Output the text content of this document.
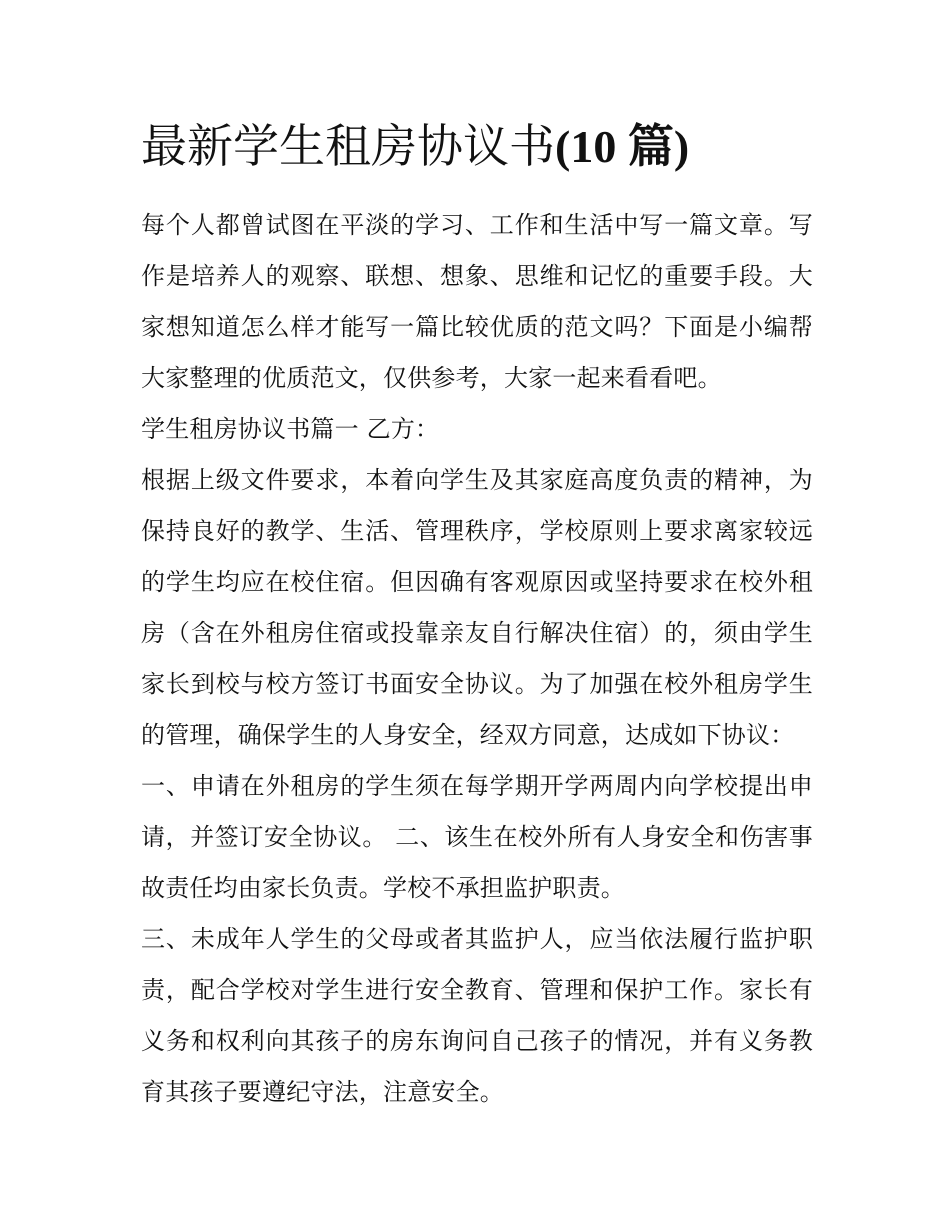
最新学生租房协议书(10 篇)

每个人都曾试图在平淡的学习、工作和生活中写一篇文章。写作是培养人的观察、联想、想象、思维和记忆的重要手段。大家想知道怎么样才能写一篇比较优质的范文吗？下面是小编帮大家整理的优质范文，仅供参考，大家一起来看看吧。

学生租房协议书篇一 乙方：

根据上级文件要求，本着向学生及其家庭高度负责的精神，为保持良好的教学、生活、管理秩序，学校原则上要求离家较远的学生均应在校住宿。但因确有客观原因或坚持要求在校外租房（含在外租房住宿或投靠亲友自行解决住宿）的，须由学生家长到校与校方签订书面安全协议。为了加强在校外租房学生的管理，确保学生的人身安全，经双方同意，达成如下协议：

一、申请在外租房的学生须在每学期开学两周内向学校提出申请，并签订安全协议。 二、该生在校外所有人身安全和伤害事故责任均由家长负责。学校不承担监护职责。

三、未成年人学生的父母或者其监护人，应当依法履行监护职责，配合学校对学生进行安全教育、管理和保护工作。家长有义务和权利向其孩子的房东询问自己孩子的情况，并有义务教育其孩子要遵纪守法，注意安全。
